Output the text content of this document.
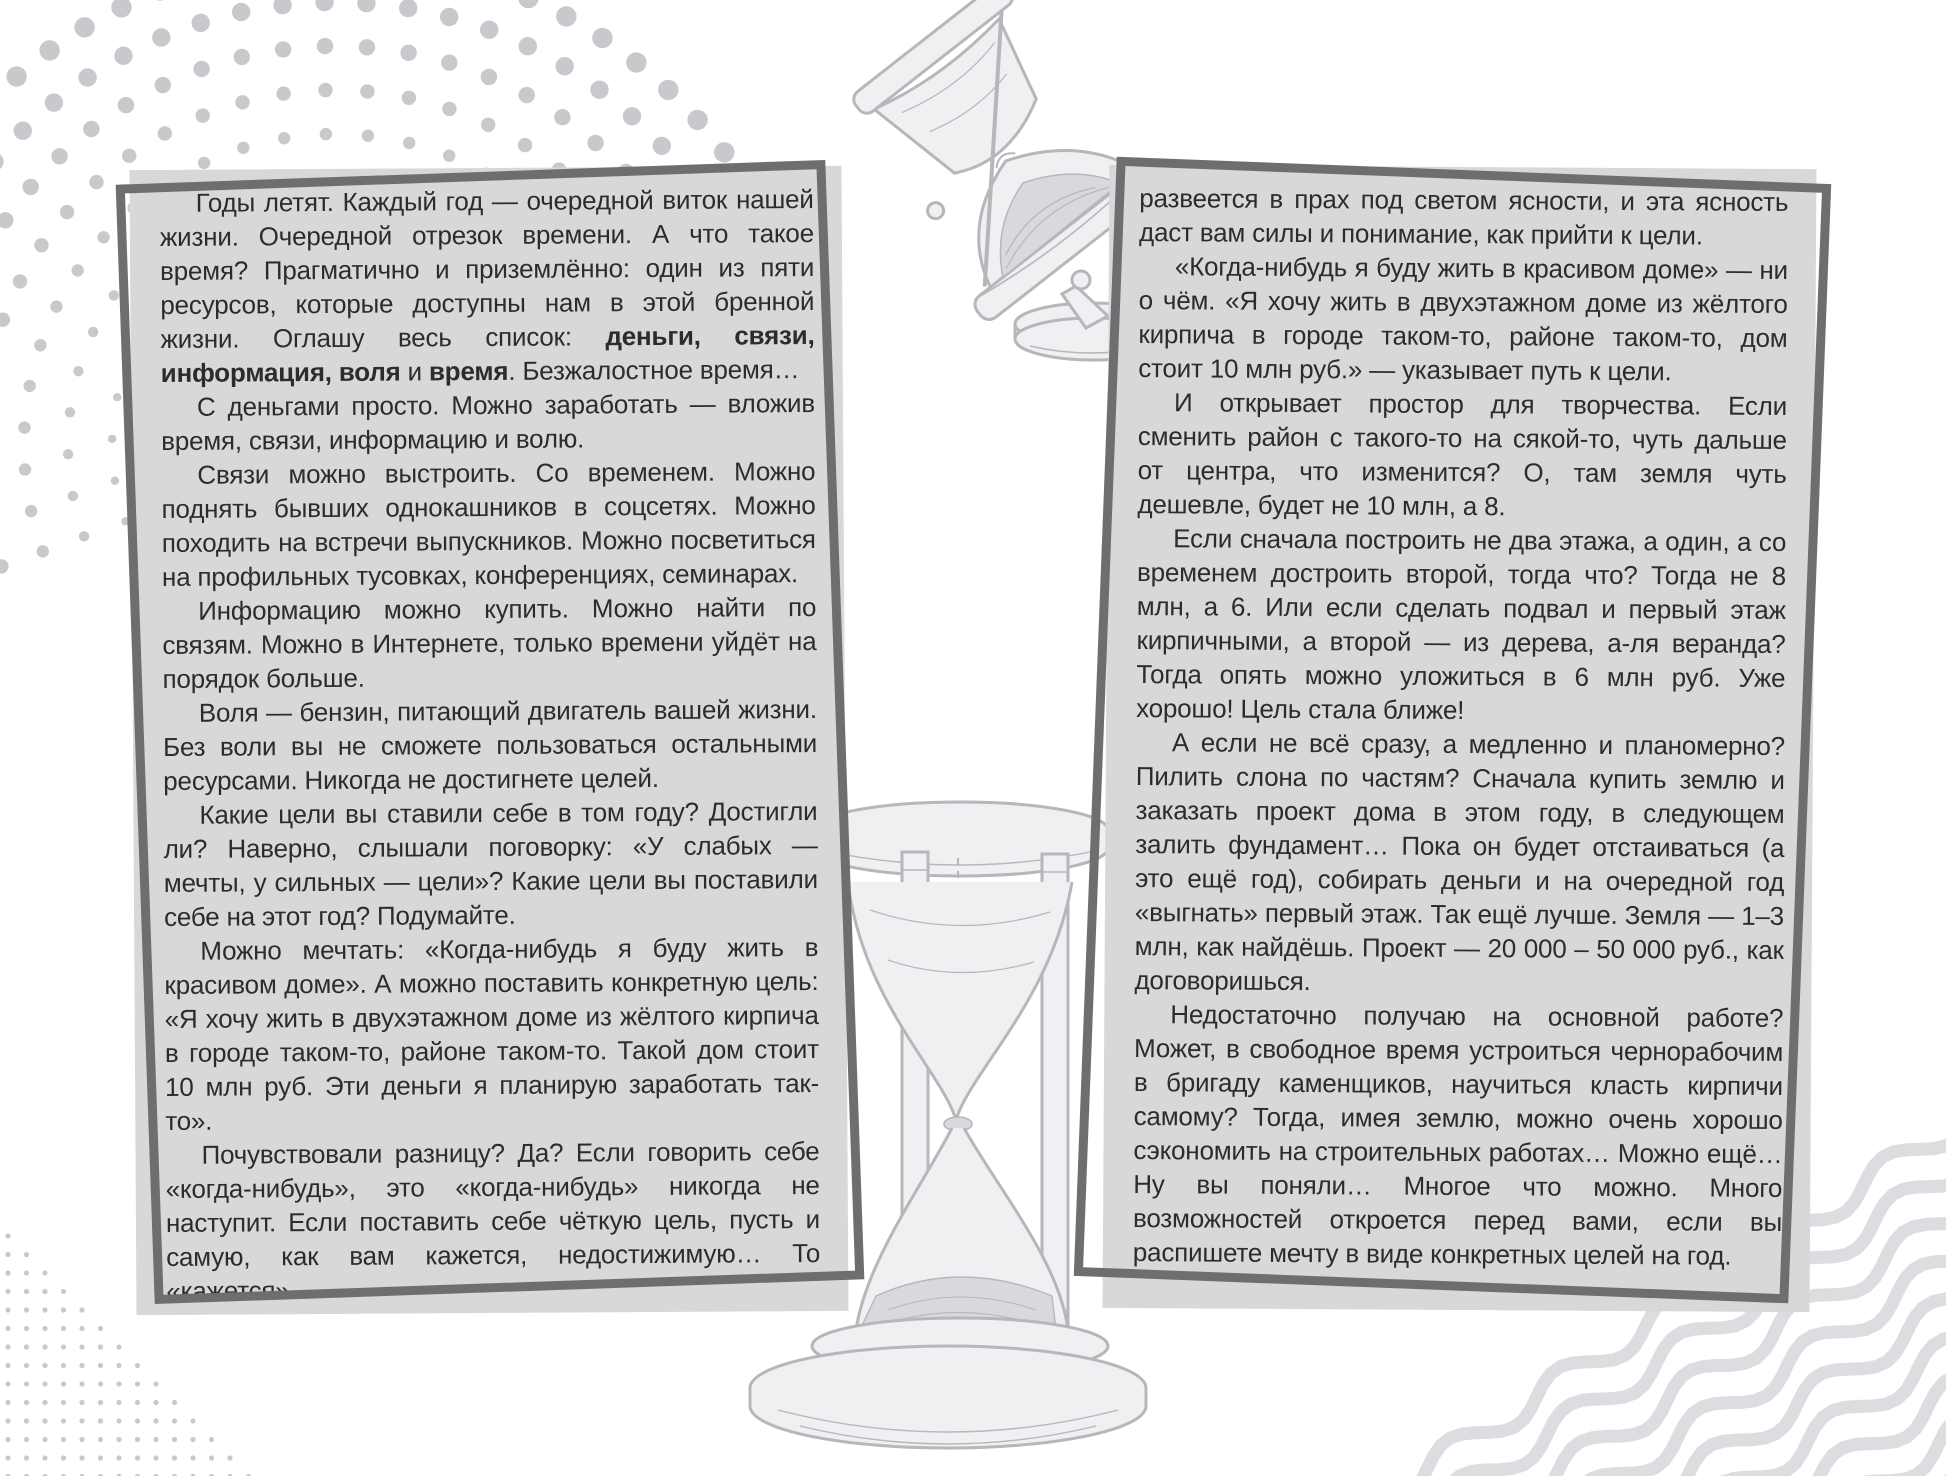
Годы летят. Каждый год — очередной виток нашей жизни. Очередной отрезок времени. А что такое время? Прагматично и приземлённо: один из пяти ресурсов, которые доступны нам в этой бренной жизни. Оглашу весь список: деньги, связи, информация, воля и время. Безжалостное время…

С деньгами просто. Можно заработать — вложив время, связи, информацию и волю.

Связи можно выстроить. Со временем. Можно поднять бывших однокашников в соцсетях. Можно походить на встречи выпускников. Можно посветиться на профильных тусовках, конференциях, семинарах.

Информацию можно купить. Можно найти по связям. Можно в Интернете, только времени уйдёт на порядок больше.

Воля — бензин, питающий двигатель вашей жизни. Без воли вы не сможете пользоваться остальными ресурсами. Никогда не достигнете целей.

Какие цели вы ставили себе в том году? Достигли ли? Наверно, слышали поговорку: «У слабых — мечты, у сильных — цели»? Какие цели вы поставили себе на этот год? Подумайте.

Можно мечтать: «Когда-нибудь я буду жить в красивом доме». А можно поставить конкретную цель: «Я хочу жить в двухэтажном доме из жёлтого кирпича в городе таком-то, районе таком-то. Такой дом стоит 10 млн руб. Эти деньги я планирую заработать так-то».

Почувствовали разницу? Да? Если говорить себе «когда-нибудь», это «когда-нибудь» никогда не наступит. Если поставить себе чёткую цель, пусть и самую, как вам кажется, недостижимую… То «кажется»

развеется в прах под светом ясности, и эта ясность даст вам силы и понимание, как прийти к цели.

«Когда-нибудь я буду жить в красивом доме» — ни о чём. «Я хочу жить в двухэтажном доме из жёлтого кирпича в городе таком-то, районе таком-то, дом стоит 10 млн руб.» — указывает путь к цели.

И открывает простор для творчества. Если сменить район с такого-то на сякой-то, чуть дальше от центра, что изменится? О, там земля чуть дешевле, будет не 10 млн, а 8.

Если сначала построить не два этажа, а один, а со временем достроить второй, тогда что? Тогда не 8 млн, а 6. Или если сделать подвал и первый этаж кирпичными, а второй — из дерева, а-ля веранда? Тогда опять можно уложиться в 6 млн руб. Уже хорошо! Цель стала ближе!

А если не всё сразу, а медленно и планомерно? Пилить слона по частям? Сначала купить землю и заказать проект дома в этом году, в следующем залить фундамент… Пока он будет отстаиваться (а это ещё год), собирать деньги и на очередной год «выгнать» первый этаж. Так ещё лучше. Земля — 1–3 млн, как найдёшь. Проект — 20 000 – 50 000 руб., как договоришься.

Недостаточно получаю на основной работе? Может, в свободное время устроиться чернорабочим в бригаду каменщиков, научиться класть кирпичи самому? Тогда, имея землю, можно очень хорошо сэкономить на строительных работах… Можно ещё… Ну вы поняли… Многое что можно. Много возможностей откроется перед вами, если вы распишете мечту в виде конкретных целей на год.
